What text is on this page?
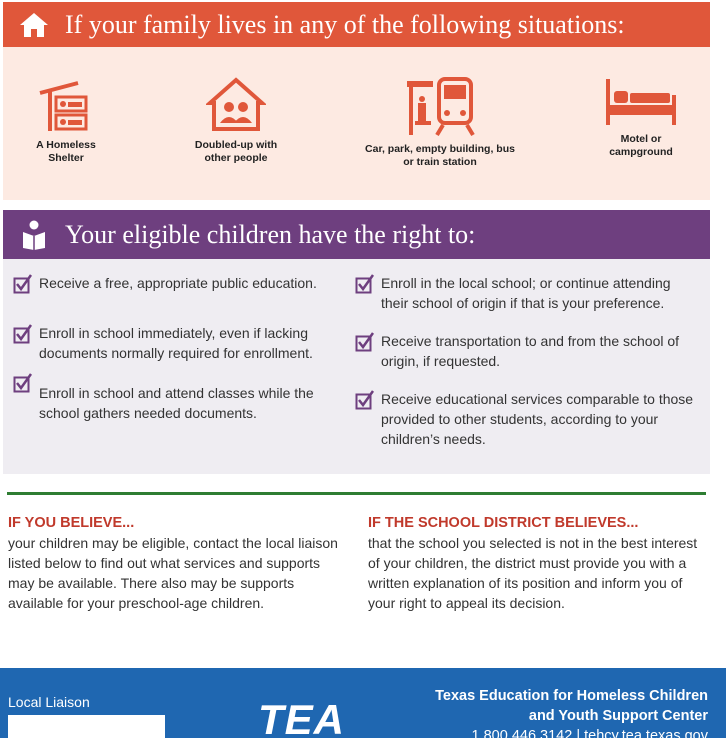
If your family lives in any of the following situations:
A Homeless Shelter
Doubled-up with other people
Car, park, empty building, bus or train station
Motel or campground
Your eligible children have the right to:
Receive a free, appropriate public education.
Enroll in school immediately, even if lacking documents normally required for enrollment.
Enroll in school and attend classes while the school gathers needed documents.
Enroll in the local school; or continue attending their school of origin if that is your preference.
Receive transportation to and from the school of origin, if requested.
Receive educational services comparable to those provided to other students, according to your children’s needs.
IF YOU BELIEVE...
your children may be eligible, contact the local liaison listed below to find out what services and supports may be available. There also may be supports available for your preschool-age children.
IF THE SCHOOL DISTRICT BELIEVES...
that the school you selected is not in the best interest of your children, the district must provide you with a written explanation of its position and inform you of your right to appeal its decision.
Local Liaison	TEA	Texas Education for Homeless Children
and Youth Support Center
1.800.446.3142 | tehcy.tea.texas.gov
